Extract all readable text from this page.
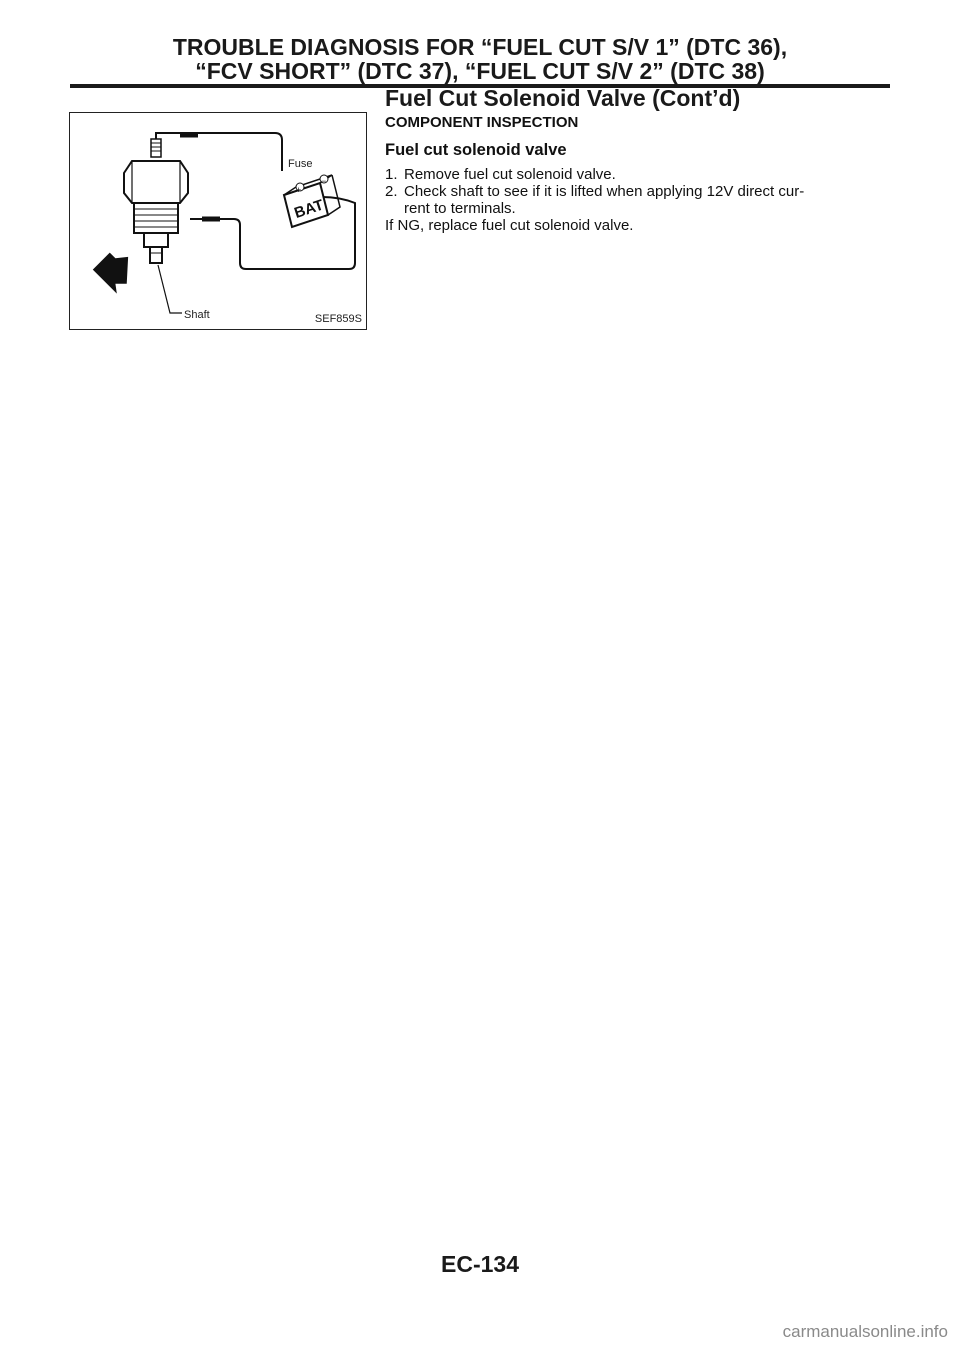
TROUBLE DIAGNOSIS FOR “FUEL CUT S/V 1” (DTC 36),
“FCV SHORT” (DTC 37), “FUEL CUT S/V 2” (DTC 38)
Fuel Cut Solenoid Valve (Cont’d)
BAT
+
−
Fuse
Shaft	SEF859S
COMPONENT INSPECTION
Fuel cut solenoid valve

1. Remove fuel cut solenoid valve.

2. Check shaft to see if it is lifted when applying 12V direct cur-

rent to terminals.

If NG, replace fuel cut solenoid valve.

EC-134
carmanualsonline.info
